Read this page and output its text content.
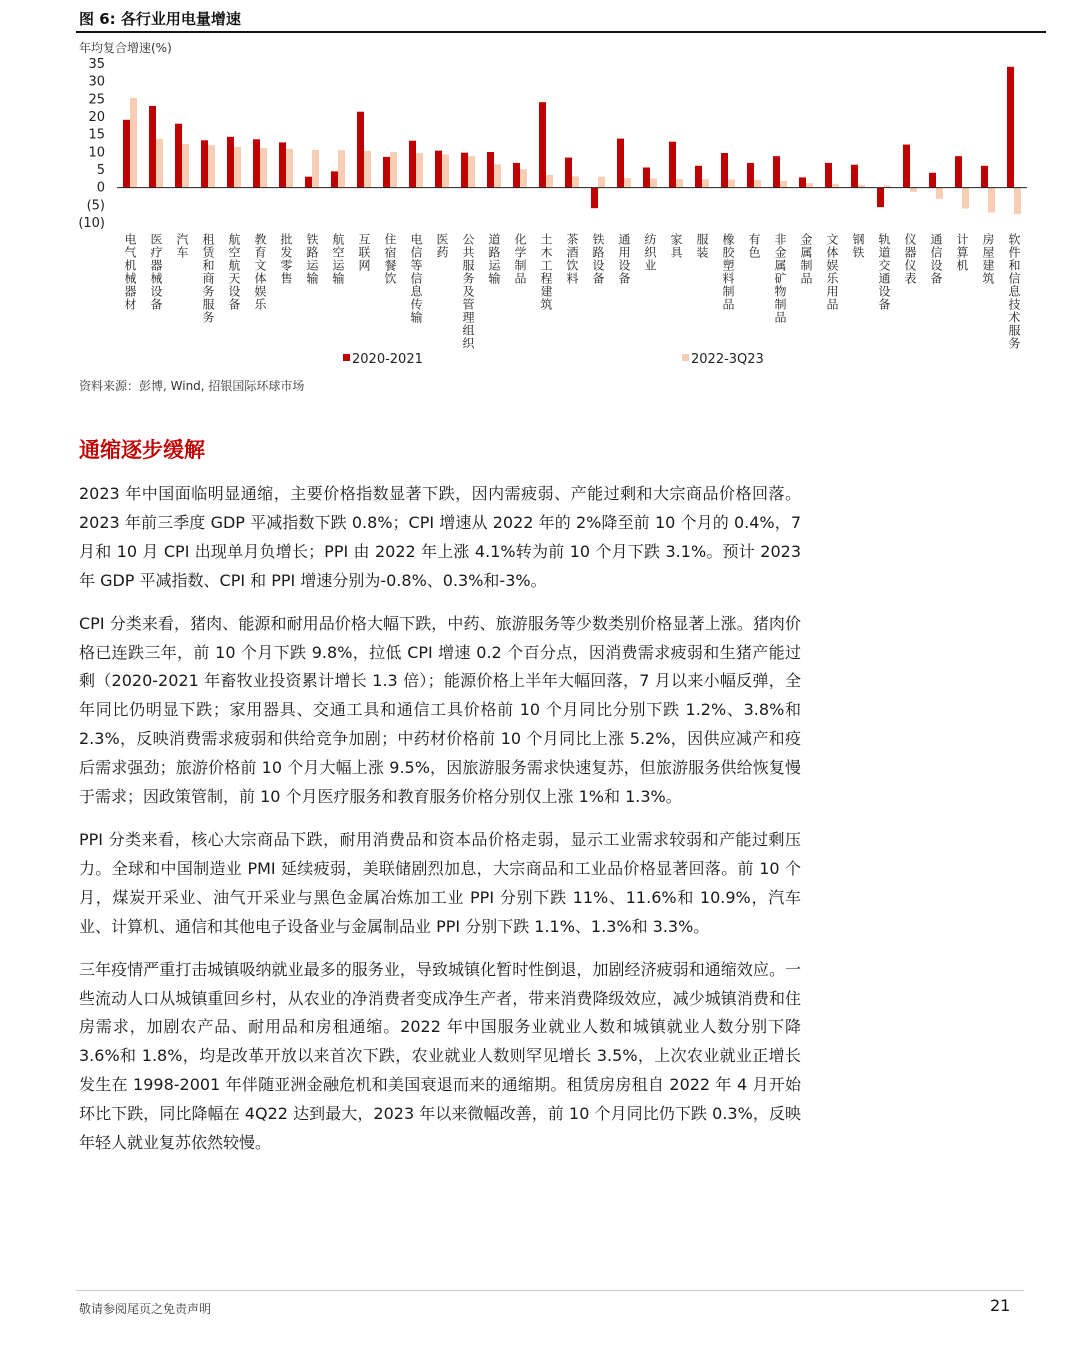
图 6: 各行业用电量增速
年均复合增速(%)
35
30
25
20
15
10
5
0
(5)
(10)
电气机械器材 医疗器械设备 汽车 租赁和商务服务 航空航天设备 教育文体娱乐 批发零售 铁路运输 航空运输 互联网 住宿餐饮 电信等信息传输 医药 公共服务及管理组织 道路运输 化学制品 土木工程建筑 茶酒饮料 铁路设备 通用设备 纺织业 家具 服装 橡胶塑料制品 有色 非金属矿物制品 金属制品 文体娱乐用品 钢铁 轨道交通设备 仪器仪表 通信设备 计算机 房屋建筑 软件和信息技术服务
2020-2021	2022-3Q23
资料来源：彭博, Wind, 招银国际环球市场
通缩逐步缓解

2023 年中国面临明显通缩，主要价格指数显著下跌，因内需疲弱、产能过剩和大宗商品价格回落。2023 年前三季度 GDP 平减指数下跌 0.8%；CPI 增速从 2022 年的 2%降至前 10 个月的 0.4%，7 月和 10 月 CPI 出现单月负增长；PPI 由 2022 年上涨 4.1%转为前 10 个月下跌 3.1%。预计 2023 年 GDP 平减指数、CPI 和 PPI 增速分别为-0.8%、0.3%和-3%。

CPI 分类来看，猪肉、能源和耐用品价格大幅下跌，中药、旅游服务等少数类别价格显著上涨。猪肉价格已连跌三年，前 10 个月下跌 9.8%，拉低 CPI 增速 0.2 个百分点，因消费需求疲弱和生猪产能过剩（2020-2021 年畜牧业投资累计增长 1.3 倍）；能源价格上半年大幅回落，7 月以来小幅反弹，全年同比仍明显下跌；家用器具、交通工具和通信工具价格前 10 个月同比分别下跌 1.2%、3.8%和 2.3%，反映消费需求疲弱和供给竞争加剧；中药材价格前 10 个月同比上涨 5.2%，因供应减产和疫后需求强劲；旅游价格前 10 个月大幅上涨 9.5%，因旅游服务需求快速复苏，但旅游服务供给恢复慢于需求；因政策管制，前 10 个月医疗服务和教育服务价格分别仅上涨 1%和 1.3%。

PPI 分类来看，核心大宗商品下跌，耐用消费品和资本品价格走弱，显示工业需求较弱和产能过剩压力。全球和中国制造业 PMI 延续疲弱，美联储剧烈加息，大宗商品和工业品价格显著回落。前 10 个月，煤炭开采业、油气开采业与黑色金属冶炼加工业 PPI 分别下跌 11%、11.6%和 10.9%，汽车业、计算机、通信和其他电子设备业与金属制品业 PPI 分别下跌 1.1%、1.3%和 3.3%。

三年疫情严重打击城镇吸纳就业最多的服务业，导致城镇化暂时性倒退，加剧经济疲弱和通缩效应。一些流动人口从城镇重回乡村，从农业的净消费者变成净生产者，带来消费降级效应，减少城镇消费和住房需求，加剧农产品、耐用品和房租通缩。2022 年中国服务业就业人数和城镇就业人数分别下降 3.6%和 1.8%，均是改革开放以来首次下跌，农业就业人数则罕见增长 3.5%，上次农业就业正增长发生在 1998-2001 年伴随亚洲金融危机和美国衰退而来的通缩期。租赁房房租自 2022 年 4 月开始环比下跌，同比降幅在 4Q22 达到最大，2023 年以来微幅改善，前 10 个月同比仍下跌 0.3%，反映年轻人就业复苏依然较慢。

敬请参阅尾页之免责声明	21
